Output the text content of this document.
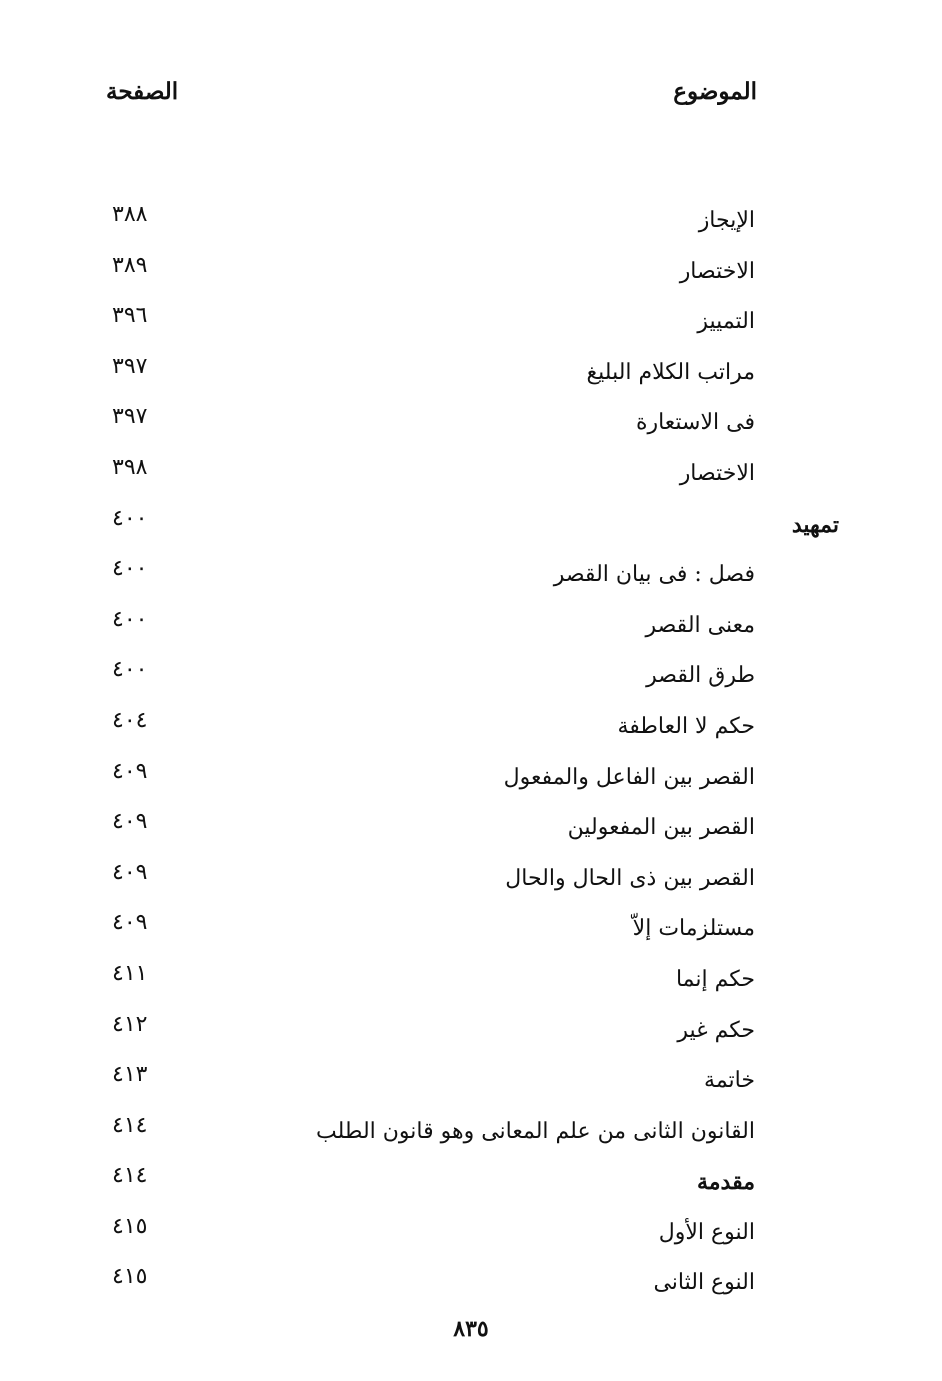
الموضوع
الصفحة
الإيجاز
٣٨٨
الاختصار
٣٨٩
التمييز
٣٩٦
مراتب الكلام البليغ
٣٩٧
فى الاستعارة
٣٩٧
الاختصار
٣٩٨
تمهيد
٤٠٠
فصل : فى بيان القصر
٤٠٠
معنى القصر
٤٠٠
طرق القصر
٤٠٠
حكم لا العاطفة
٤٠٤
القصر بين الفاعل والمفعول
٤٠٩
القصر بين المفعولين
٤٠٩
القصر بين ذى الحال والحال
٤٠٩
مستلزمات إلاّ
٤٠٩
حكم إنما
٤١١
حكم غير
٤١٢
خاتمة
٤١٣
القانون الثانى من علم المعانى وهو قانون الطلب
٤١٤
مقدمة
٤١٤
النوع الأول
٤١٥
النوع الثانى
٤١٥
٨٣٥
